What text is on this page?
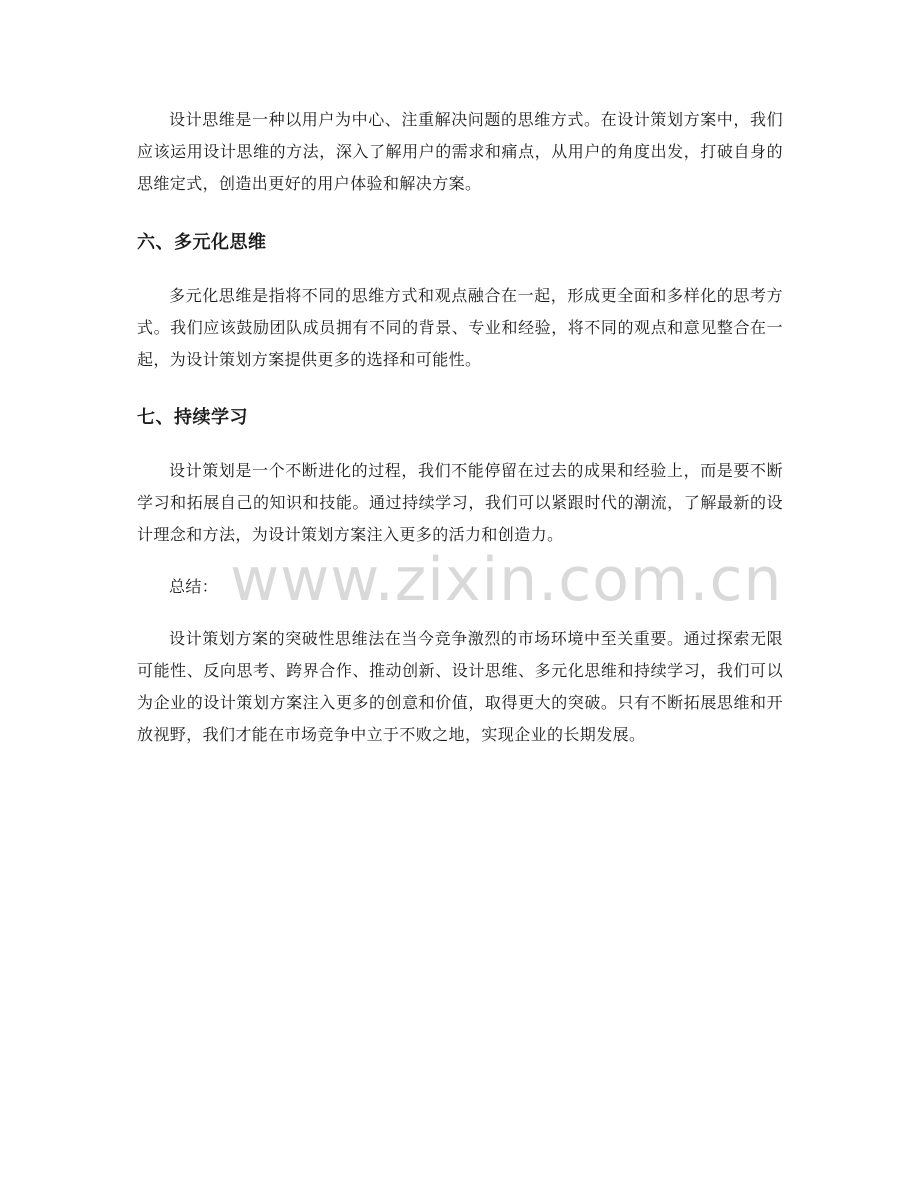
设计思维是一种以用户为中心、注重解决问题的思维方式。在设计策划方案中，我们应该运用设计思维的方法，深入了解用户的需求和痛点，从用户的角度出发，打破自身的思维定式，创造出更好的用户体验和解决方案。

六、多元化思维

多元化思维是指将不同的思维方式和观点融合在一起，形成更全面和多样化的思考方式。我们应该鼓励团队成员拥有不同的背景、专业和经验，将不同的观点和意见整合在一起，为设计策划方案提供更多的选择和可能性。

七、持续学习

设计策划是一个不断进化的过程，我们不能停留在过去的成果和经验上，而是要不断学习和拓展自己的知识和技能。通过持续学习，我们可以紧跟时代的潮流，了解最新的设计理念和方法，为设计策划方案注入更多的活力和创造力。

总结：

设计策划方案的突破性思维法在当今竞争激烈的市场环境中至关重要。通过探索无限可能性、反向思考、跨界合作、推动创新、设计思维、多元化思维和持续学习，我们可以为企业的设计策划方案注入更多的创意和价值，取得更大的突破。只有不断拓展思维和开放视野，我们才能在市场竞争中立于不败之地，实现企业的长期发展。

www.zixin.com.cn
